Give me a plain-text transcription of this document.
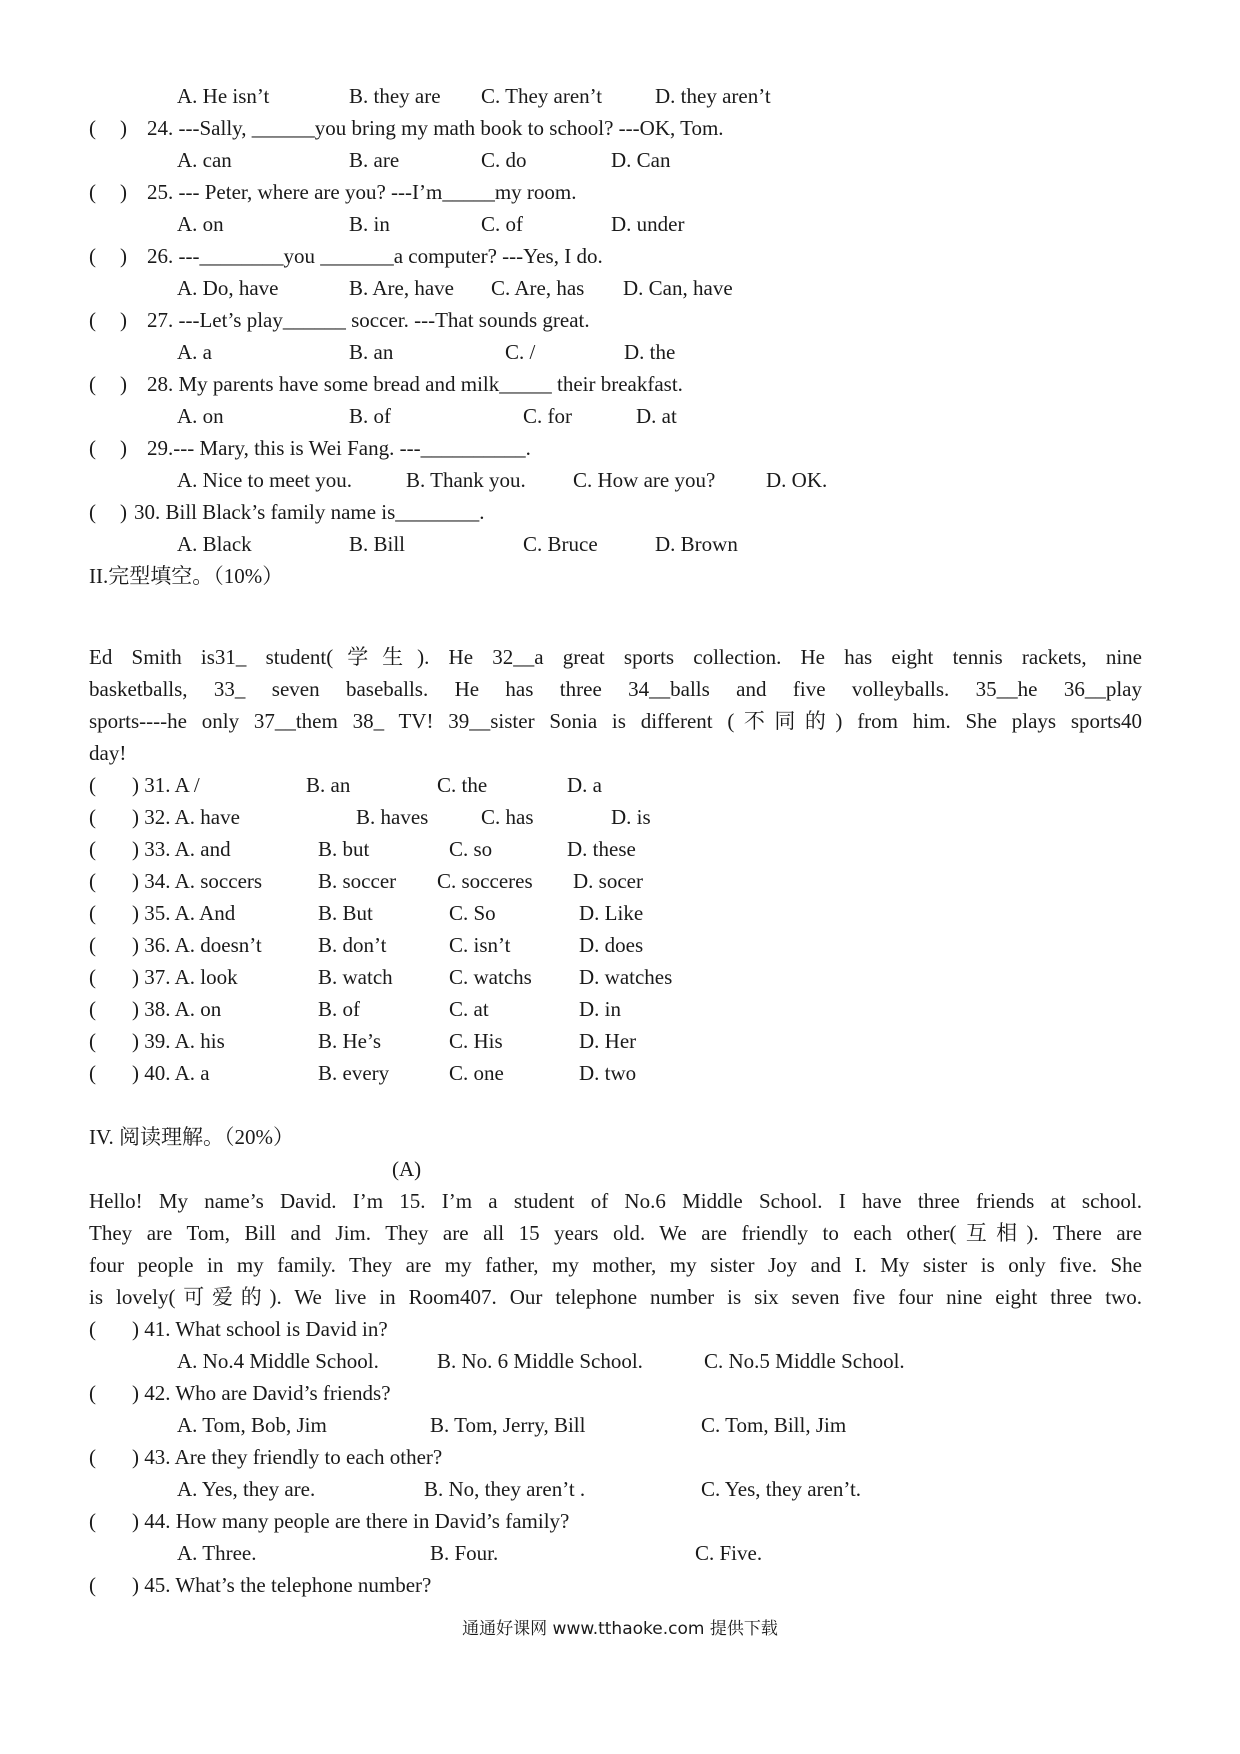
A. He isn’t	B. they are C. They aren’t	D. they aren’t
( ) 24. ---Sally, ______you bring my math book to school? ---OK, Tom.
A. can	B. are	C. do	D. Can
( ) 25. --- Peter, where are you? ---I’m_____my room.
A. on	B. in	C. of	D. under
( ) 26. ---________you _______a computer? ---Yes, I do.
A. Do, have	B. Are, have C. Are, has D. Can, have
( ) 27. ---Let’s play______ soccer. ---That sounds great.
A. a	B. an	C. /	D. the
( ) 28. My parents have some bread and milk_____ their breakfast.
A. on	B. of	C. for	D. at
( ) 29.--- Mary, this is Wei Fang. ---__________.
A. Nice to meet you.	B. Thank you. C. How are you? D. OK.
( ) 30. Bill Black’s family name is________.
A. Black	B. Bill	C. Bruce	D. Brown
II.完型填空。（10%）
Ed Smith is31_ student(学生). He 32__a great sports collection. He has eight tennis rackets, nine
basketballs, 33_ seven baseballs. He has three 34__balls and five volleyballs. 35__he 36__play
sports----he only 37__them 38_ TV! 39__sister Sonia is different (不同的) from him. She plays sports40
day!
( ) 31. A /	B. an	C. the	D. a
( ) 32. A. have	B. haves	C. has	D. is
( ) 33. A. and	B. but	C. so	D. these
( ) 34. A. soccers	B. soccer C. socceres D. socer
( ) 35. A. And	B. But	C. So	D. Like
( ) 36. A. doesn’t	B. don’t	C. isn’t	D. does
( ) 37. A. look	B. watch	C. watchs D. watches
( ) 38. A. on	B. of	C. at	D. in
( ) 39. A. his	B. He’s	C. His	D. Her
( ) 40. A. a	B. every	C. one	D. two
IV. 阅读理解。（20%）
(A)
Hello! My name’s David. I’m 15. I’m a student of No.6 Middle School. I have three friends at school.
They are Tom, Bill and Jim. They are all 15 years old. We are friendly to each other(互相). There are
four people in my family. They are my father, my mother, my sister Joy and I. My sister is only five. She
is lovely(可爱的). We live in Room407. Our telephone number is six seven five four nine eight three two.
( ) 41. What school is David in?
A. No.4 Middle School.	B. No. 6 Middle School.	C. No.5 Middle School.
( ) 42. Who are David’s friends?
A. Tom, Bob, Jim	B. Tom, Jerry, Bill	C. Tom, Bill, Jim
( ) 43. Are they friendly to each other?
A. Yes, they are.	B. No, they aren’t .	C. Yes, they aren’t.
( ) 44. How many people are there in David’s family?
A. Three.	B. Four.	C. Five.
( ) 45. What’s the telephone number?
通通好课网 www.tthaoke.com 提供下载
